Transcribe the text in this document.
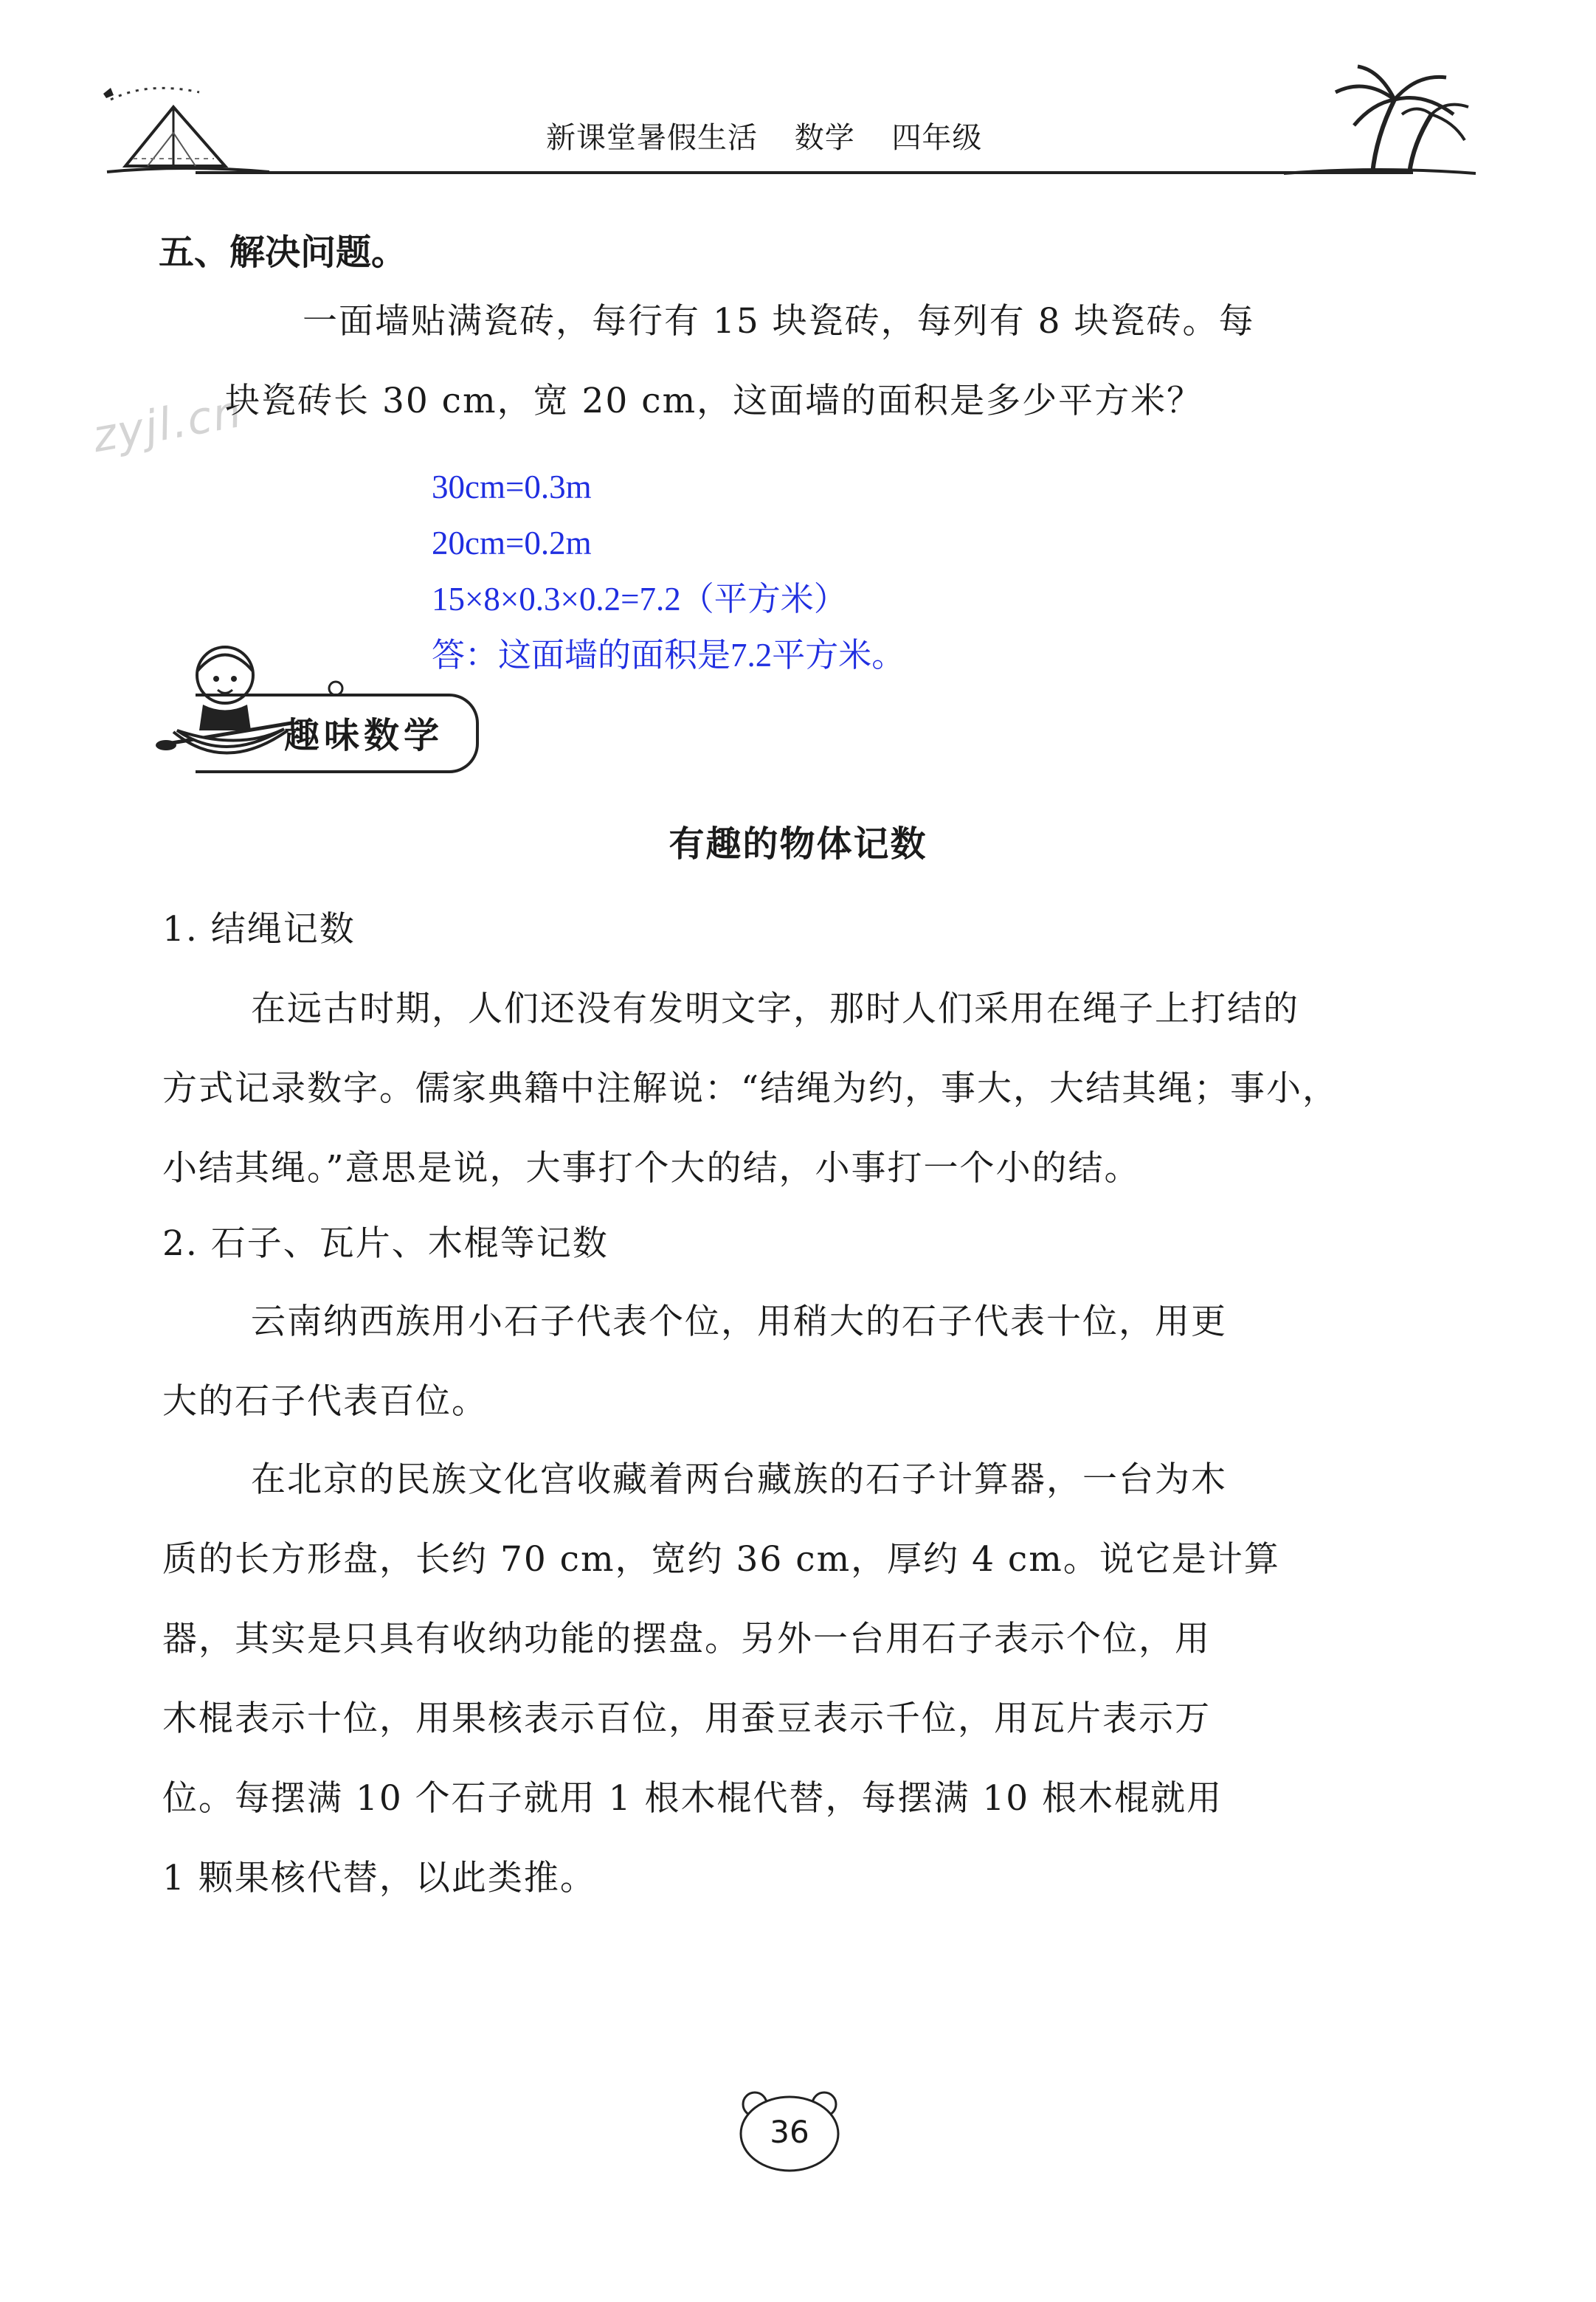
新课堂暑假生活 数学 四年级
zyjl.cn
五、解决问题。
一面墙贴满瓷砖，每行有 15 块瓷砖，每列有 8 块瓷砖。每
块瓷砖长 30 cm，宽 20 cm，这面墙的面积是多少平方米？
30cm=0.3m
20cm=0.2m
15×8×0.3×0.2=7.2（平方米）
答：这面墙的面积是7.2平方米。
趣味数学
有趣的物体记数
1. 结绳记数
在远古时期，人们还没有发明文字，那时人们采用在绳子上打结的
方式记录数字。儒家典籍中注解说：“结绳为约，事大，大结其绳；事小，
小结其绳。”意思是说，大事打个大的结，小事打一个小的结。
2. 石子、瓦片、木棍等记数
云南纳西族用小石子代表个位，用稍大的石子代表十位，用更
大的石子代表百位。
在北京的民族文化宫收藏着两台藏族的石子计算器，一台为木
质的长方形盘，长约 70 cm，宽约 36 cm，厚约 4 cm。说它是计算
器，其实是只具有收纳功能的摆盘。另外一台用石子表示个位，用
木棍表示十位，用果核表示百位，用蚕豆表示千位，用瓦片表示万
位。每摆满 10 个石子就用 1 根木棍代替，每摆满 10 根木棍就用
1 颗果核代替，以此类推。
36
